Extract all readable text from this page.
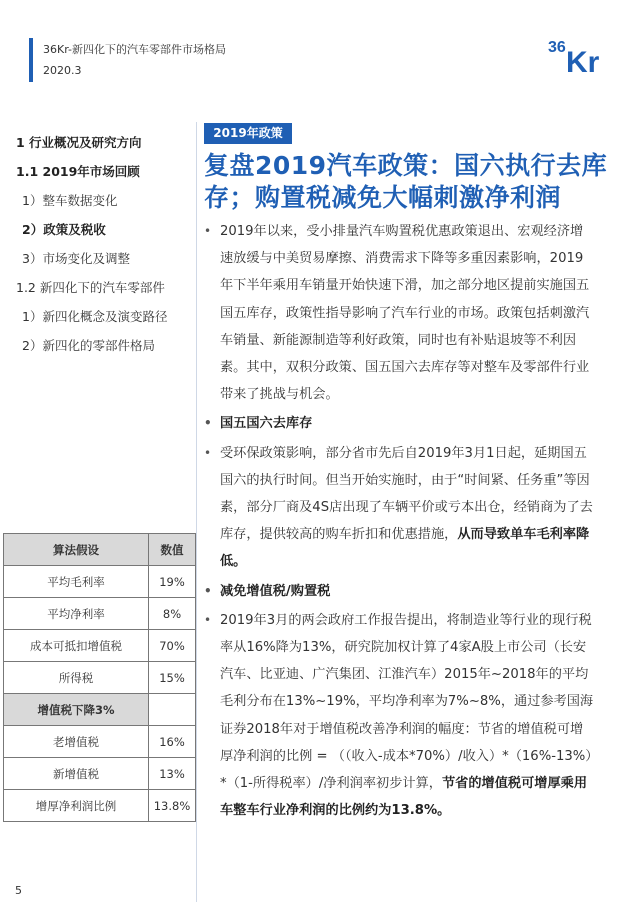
36Kr-新四化下的汽车零部件市场格局
2020.3
36 Kr
1 行业概况及研究方向
1.1 2019年市场回顾
1）整车数据变化
2）政策及税收
3）市场变化及调整
1.2 新四化下的汽车零部件
1）新四化概念及演变路径
2）新四化的零部件格局
2019年政策
复盘2019汽车政策：国六执行去库存；购置税减免大幅刺激净利润
• 2019年以来，受小排量汽车购置税优惠政策退出、宏观经济增速放缓与中美贸易摩擦、消费需求下降等多重因素影响，2019年下半年乘用车销量开始快速下滑，加之部分地区提前实施国五国五库存，政策性指导影响了汽车行业的市场。政策包括刺激汽车销量、新能源制造等利好政策，同时也有补贴退坡等不利因素。其中，双积分政策、国五国六去库存等对整车及零部件行业带来了挑战与机会。
• 国五国六去库存
• 受环保政策影响，部分省市先后自2019年3月1日起，延期国五国六的执行时间。但当开始实施时，由于“时间紧、任务重”等因素，部分厂商及4S店出现了车辆平价或亏本出仓，经销商为了去库存，提供较高的购车折扣和优惠措施，从而导致单车毛利率降低。
• 减免增值税/购置税
• 2019年3月的两会政府工作报告提出，将制造业等行业的现行税率从16%降为13%，研究院加权计算了4家A股上市公司（长安汽车、比亚迪、广汽集团、江淮汽车）2015年~2018年的平均毛利分布在13%~19%，平均净利率为7%~8%，通过参考国海证券2018年对于增值税改善净利润的幅度：节省的增值税可增厚净利润的比例 = （（收入-成本*70%）/收入）*（16%-13%）*（1-所得税率）/净利润率初步计算，节省的增值税可增厚乘用车整车行业净利润的比例约为13.8%。
算法假设	数值
平均毛利率	19%
平均净利率	8%
成本可抵扣增值税	70%
所得税	15%
增值税下降3%	
老增值税	16%
新增值税	13%
增厚净利润比例	13.8%
5
